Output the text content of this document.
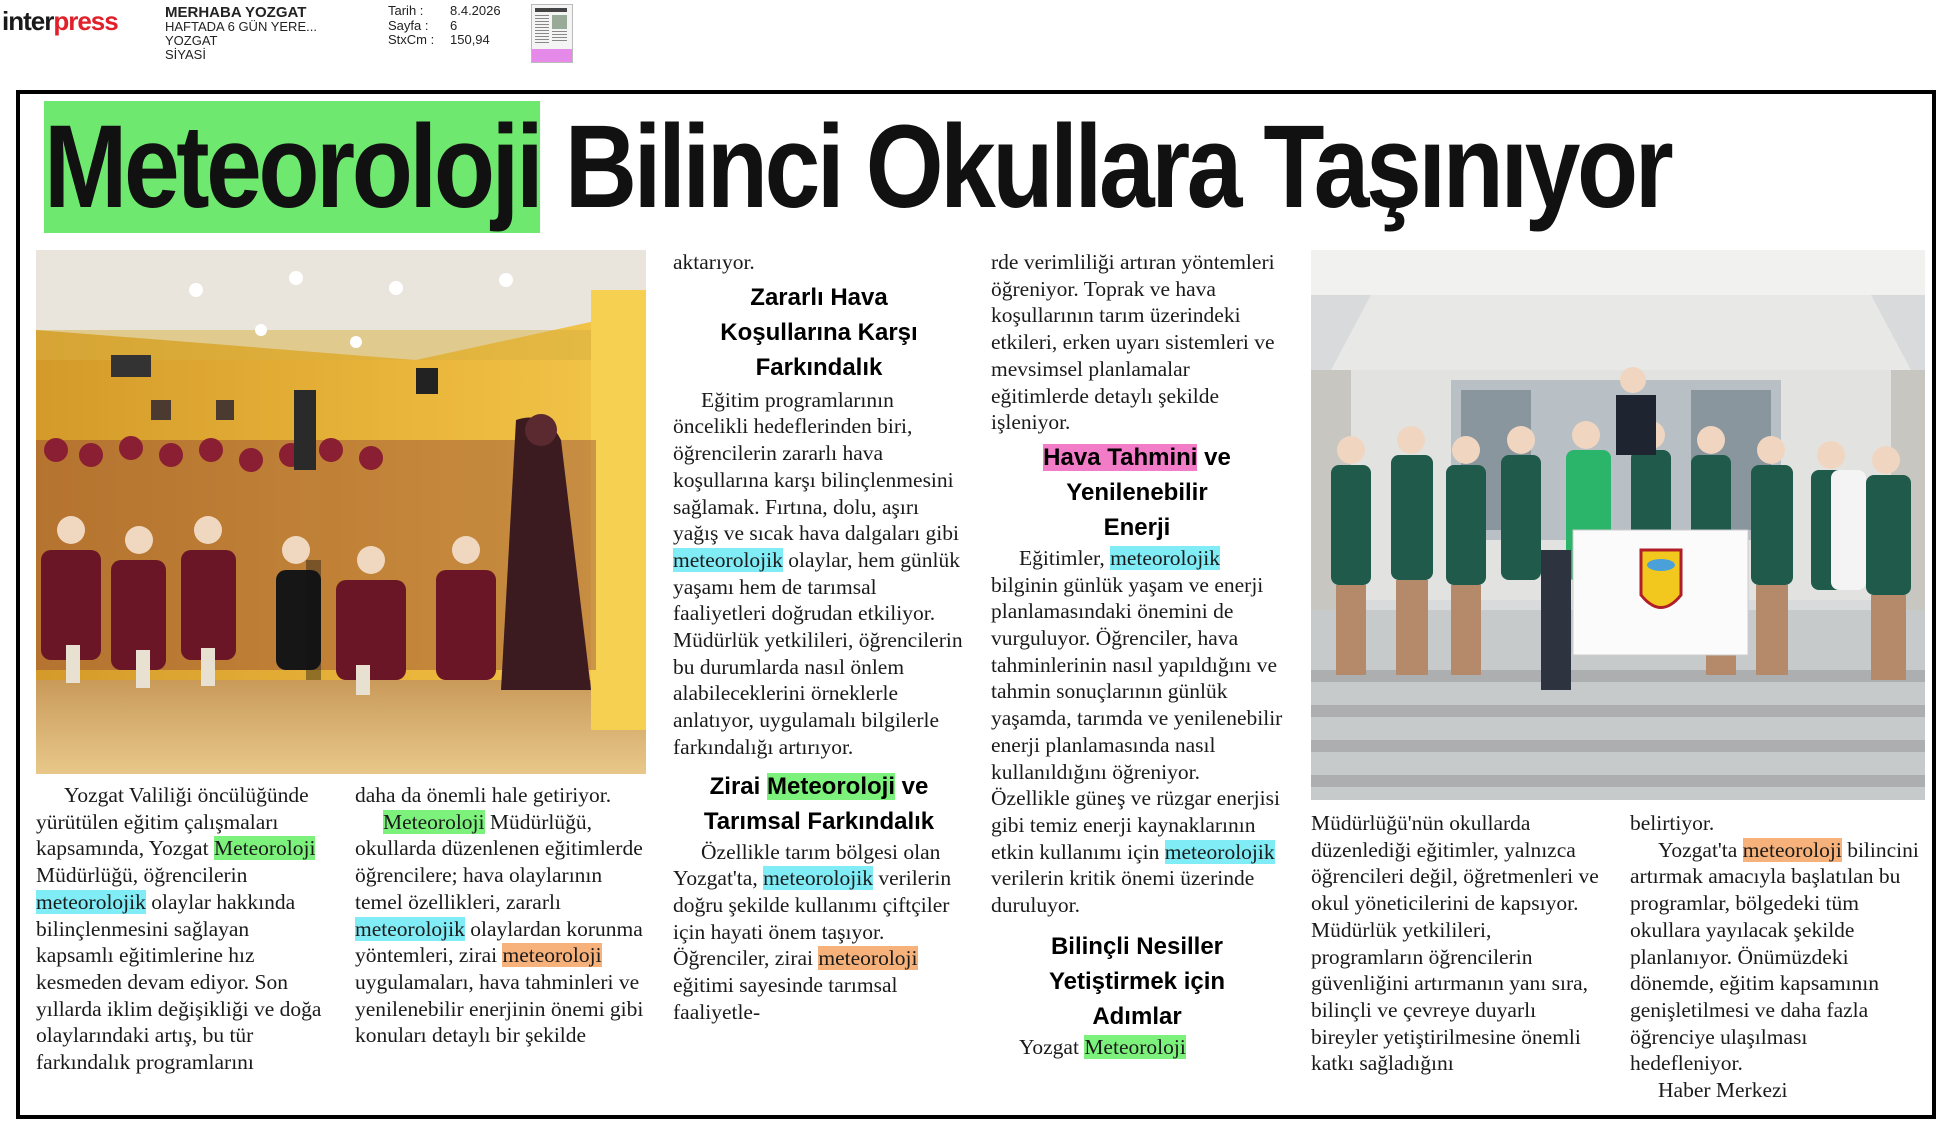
interpress	MERHABA YOZGAT
HAFTADA 6 GÜN YERE...
YOZGAT
SİYASİ
Tarih :	8.4.2026
Sayfa :	6
StxCm :	150,94
Meteoroloji Bilinci Okullara Taşınıyor

Yozgat Valiliği öncülüğünde yürütülen eğitim çalışmaları kapsamında, Yozgat Meteoroloji Müdürlüğü, öğrencilerin meteorolojik olaylar hakkında bilinçlenmesini sağlayan kapsamlı eğitimlerine hız kesmeden devam ediyor. Son yıllarda iklim değişikliği ve doğa olaylarındaki artış, bu tür farkındalık programlarını

daha da önemli hale getiriyor.

Meteoroloji Müdürlüğü, okullarda düzenlenen eğitimlerde öğrencilere; hava olaylarının temel özellikleri, zararlı meteorolojik olaylardan korunma yöntemleri, zirai meteoroloji uygulamaları, hava tahminleri ve yenilenebilir enerjinin önemi gibi konuları detaylı bir şekilde

aktarıyor.

Zararlı Hava Koşullarına Karşı Farkındalık

Eğitim programlarının öncelikli hedeflerinden biri, öğrencilerin zararlı hava koşullarına karşı bilinçlenmesini sağlamak. Fırtına, dolu, aşırı yağış ve sıcak hava dalgaları gibi meteorolojik olaylar, hem günlük yaşamı hem de tarımsal faaliyetleri doğrudan etkiliyor. Müdürlük yetkilileri, öğrencilerin bu durumlarda nasıl önlem alabileceklerini örneklerle anlatıyor, uygulamalı bilgilerle farkındalığı artırıyor.

Zirai Meteoroloji ve Tarımsal Farkındalık

Özellikle tarım bölgesi olan Yozgat'ta, meteorolojik verilerin doğru şekilde kullanımı çiftçiler için hayati önem taşıyor. Öğrenciler, zirai meteoroloji eğitimi sayesinde tarımsal faaliyetle-

rde verimliliği artıran yöntemleri öğreniyor. Toprak ve hava koşullarının tarım üzerindeki etkileri, erken uyarı sistemleri ve mevsimsel planlamalar eğitimlerde detaylı şekilde işleniyor.

Hava Tahmini ve Yenilenebilir Enerji

Eğitimler, meteorolojik bilginin günlük yaşam ve enerji planlamasındaki önemini de vurguluyor. Öğrenciler, hava tahminlerinin nasıl yapıldığını ve tahmin sonuçlarının günlük yaşamda, tarımda ve yenilenebilir enerji planlamasında nasıl kullanıldığını öğreniyor. Özellikle güneş ve rüzgar enerjisi gibi temiz enerji kaynaklarının etkin kullanımı için meteorolojik verilerin kritik önemi üzerinde duruluyor.

Bilinçli Nesiller Yetiştirmek için Adımlar

Yozgat Meteoroloji

Müdürlüğü'nün okullarda düzenlediği eğitimler, yalnızca öğrencileri değil, öğretmenleri ve okul yöneticilerini de kapsıyor.

Müdürlük yetkilileri, programların öğrencilerin güvenliğini artırmanın yanı sıra, bilinçli ve çevreye duyarlı bireyler yetiştirilmesine önemli katkı sağladığını

belirtiyor.

Yozgat'ta meteoroloji bilincini artırmak amacıyla başlatılan bu programlar, bölgedeki tüm okullara yayılacak şekilde planlanıyor. Önümüzdeki dönemde, eğitim kapsamının genişletilmesi ve daha fazla öğrenciye ulaşılması hedefleniyor.

Haber Merkezi
